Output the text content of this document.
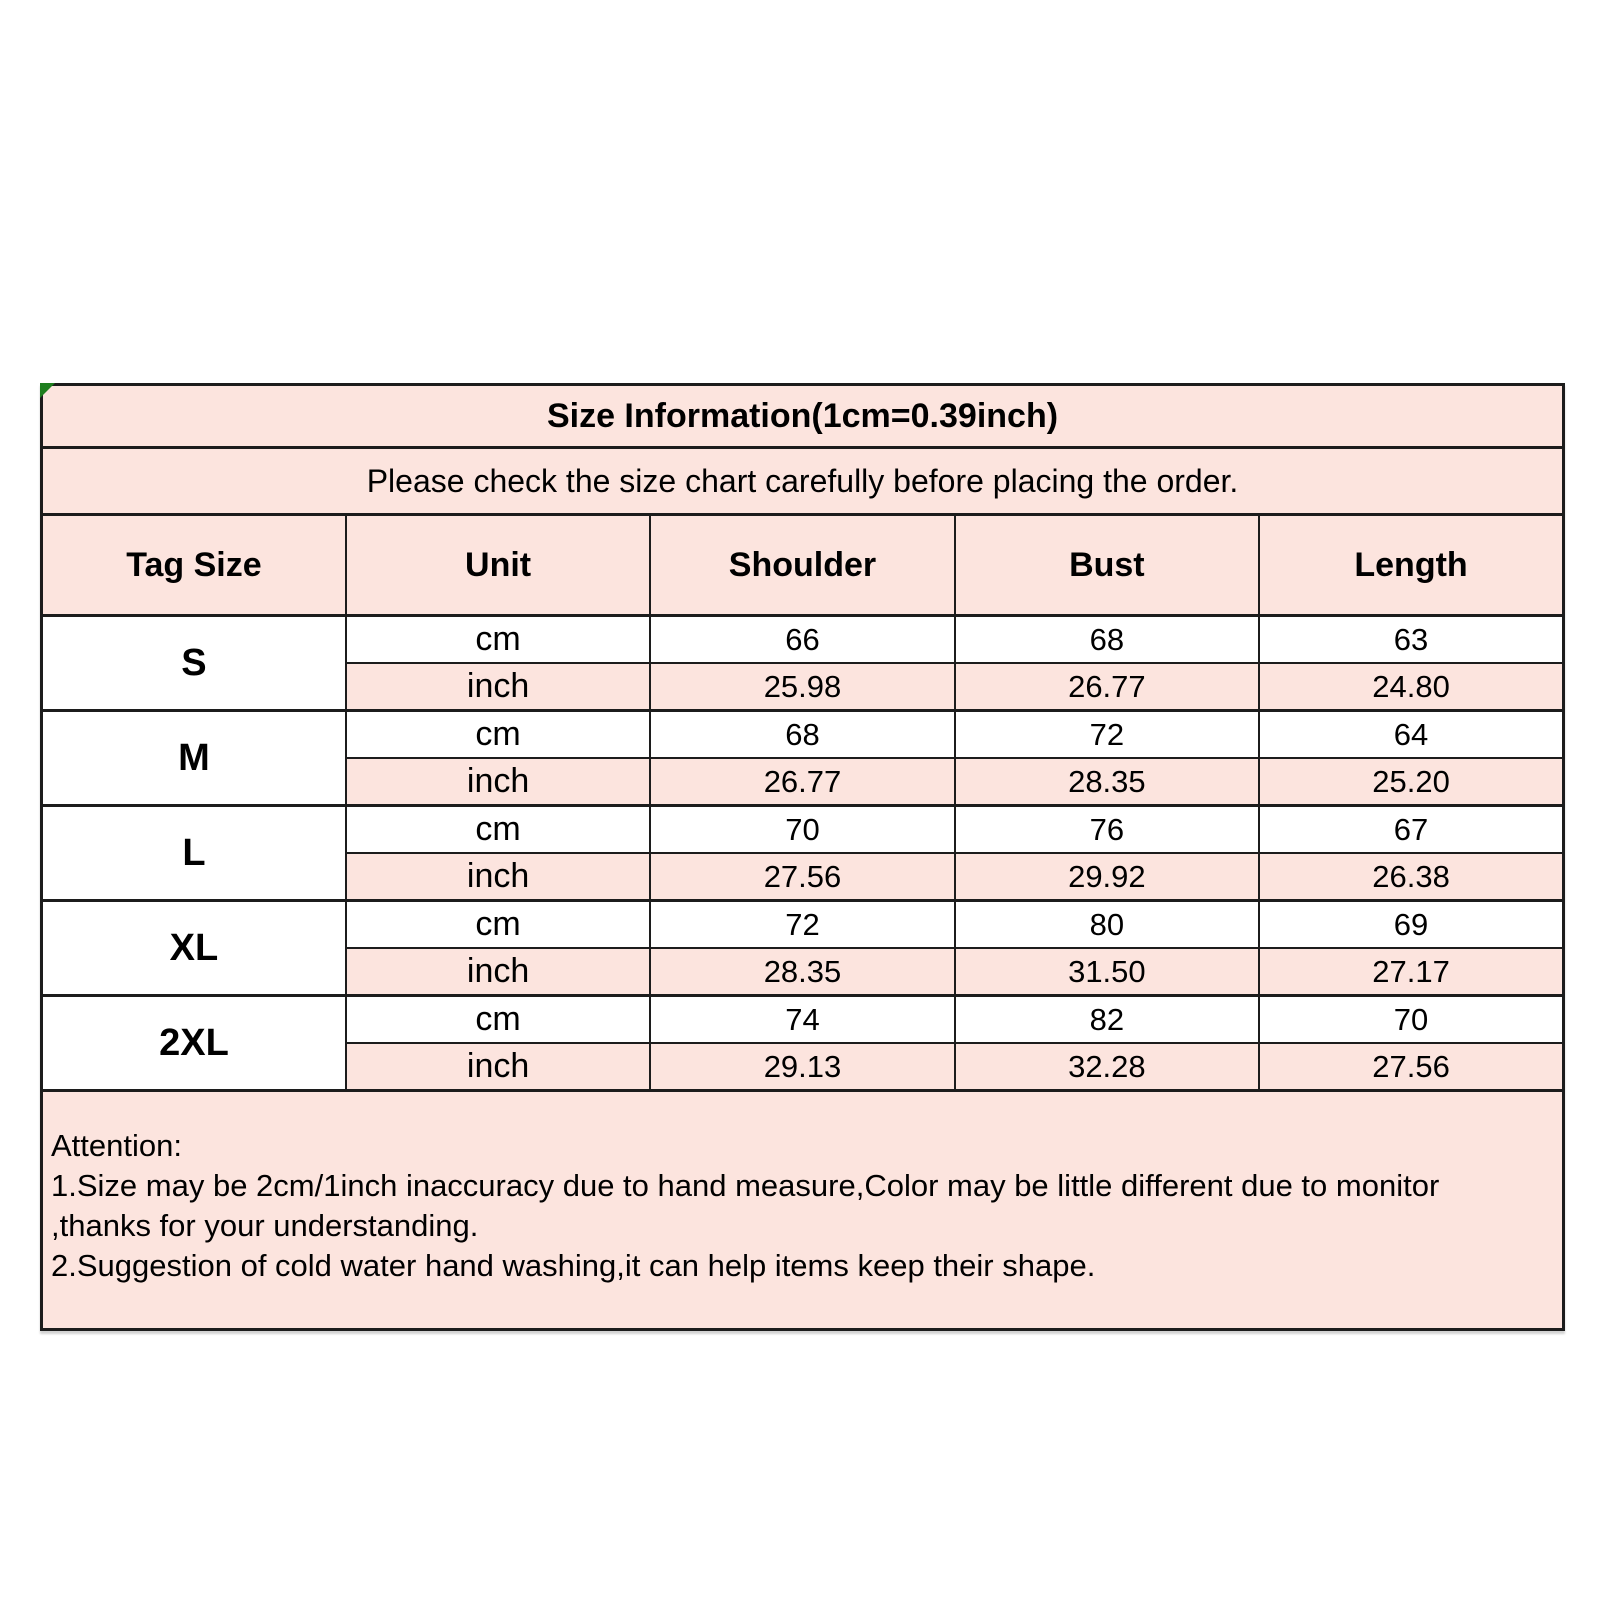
Size Information(1cm=0.39inch)				
Please check the size chart carefully before placing the order.				
Tag Size	Unit	Shoulder	Bust	Length
S	cm	66	68	63
	inch	25.98	26.77	24.80
M	cm	68	72	64
	inch	26.77	28.35	25.20
L	cm	70	76	67
	inch	27.56	29.92	26.38
XL	cm	72	80	69
	inch	28.35	31.50	27.17
2XL	cm	74	82	70
	inch	29.13	32.28	27.56

Attention:
1.Size may be 2cm/1inch inaccuracy due to hand measure,Color may be little different due to monitor
,thanks for your understanding.
2.Suggestion of cold water hand washing,it can help items keep their shape.				
